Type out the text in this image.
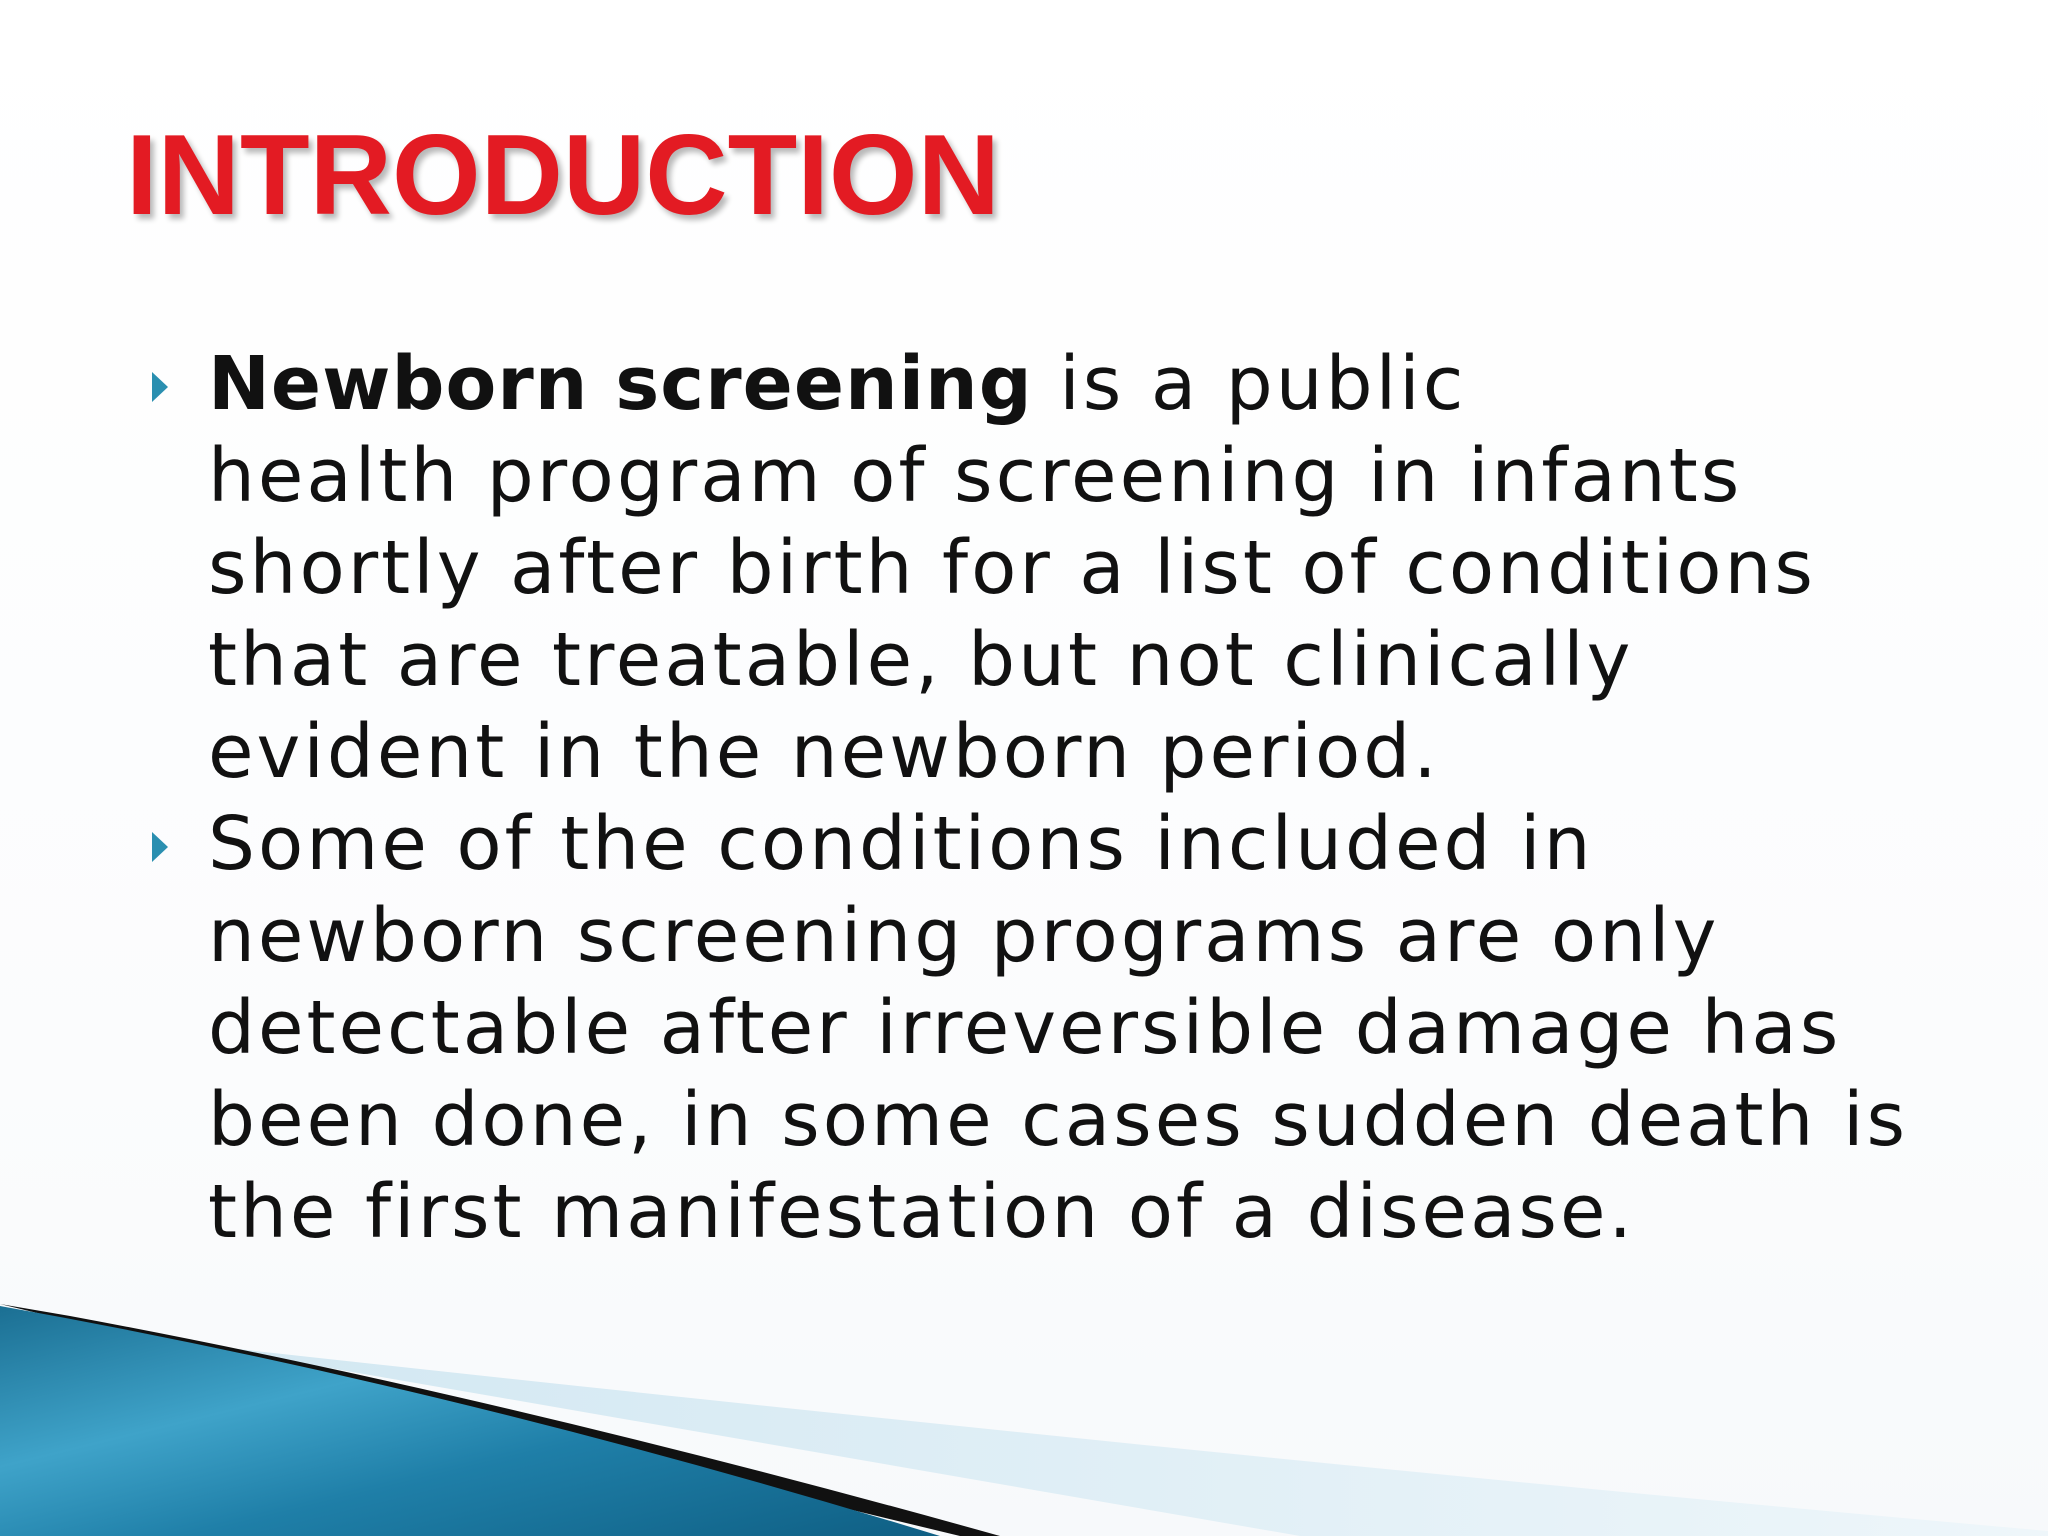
INTRODUCTION
Newborn screening is a public
health program of screening in infants shortly after birth for a list of conditions that are treatable, but not clinically evident in the newborn period.
Some of the conditions included in newborn screening programs are only detectable after irreversible damage has been done, in some cases sudden death is the first manifestation of a disease.
